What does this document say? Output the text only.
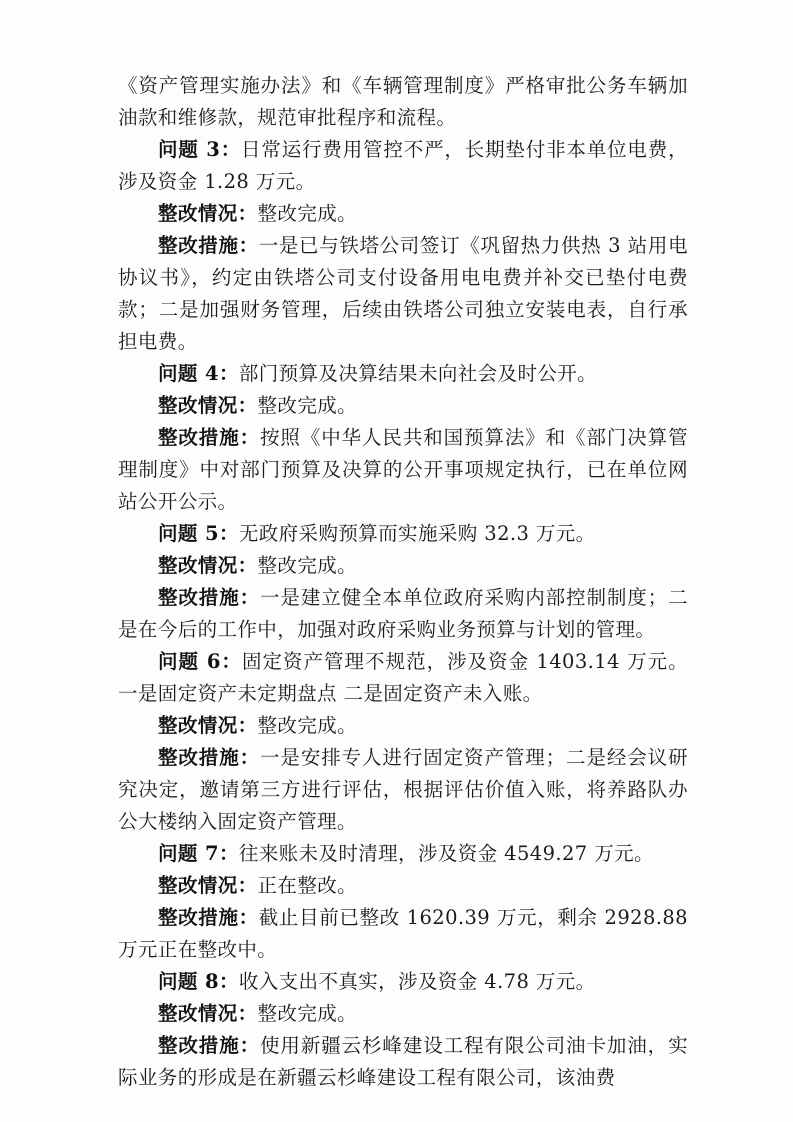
《资产管理实施办法》和《车辆管理制度》严格审批公务车辆加油款和维修款，规范审批程序和流程。

问题 3：日常运行费用管控不严，长期垫付非本单位电费，涉及资金 1.28 万元。

整改情况：整改完成。

整改措施：一是已与铁塔公司签订《巩留热力供热 3 站用电协议书》，约定由铁塔公司支付设备用电电费并补交已垫付电费款；二是加强财务管理，后续由铁塔公司独立安装电表，自行承担电费。

问题 4：部门预算及决算结果未向社会及时公开。

整改情况：整改完成。

整改措施：按照《中华人民共和国预算法》和《部门决算管理制度》中对部门预算及决算的公开事项规定执行，已在单位网站公开公示。

问题 5：无政府采购预算而实施采购 32.3 万元。

整改情况：整改完成。

整改措施：一是建立健全本单位政府采购内部控制制度；二是在今后的工作中，加强对政府采购业务预算与计划的管理。

问题 6：固定资产管理不规范，涉及资金 1403.14 万元。一是固定资产未定期盘点 二是固定资产未入账。

整改情况：整改完成。

整改措施：一是安排专人进行固定资产管理；二是经会议研究决定，邀请第三方进行评估，根据评估价值入账，将养路队办公大楼纳入固定资产管理。

问题 7：往来账未及时清理，涉及资金 4549.27 万元。

整改情况：正在整改。

整改措施：截止目前已整改 1620.39 万元，剩余 2928.88 万元正在整改中。

问题 8：收入支出不真实，涉及资金 4.78 万元。

整改情况：整改完成。

整改措施：使用新疆云杉峰建设工程有限公司油卡加油，实际业务的形成是在新疆云杉峰建设工程有限公司，该油费
